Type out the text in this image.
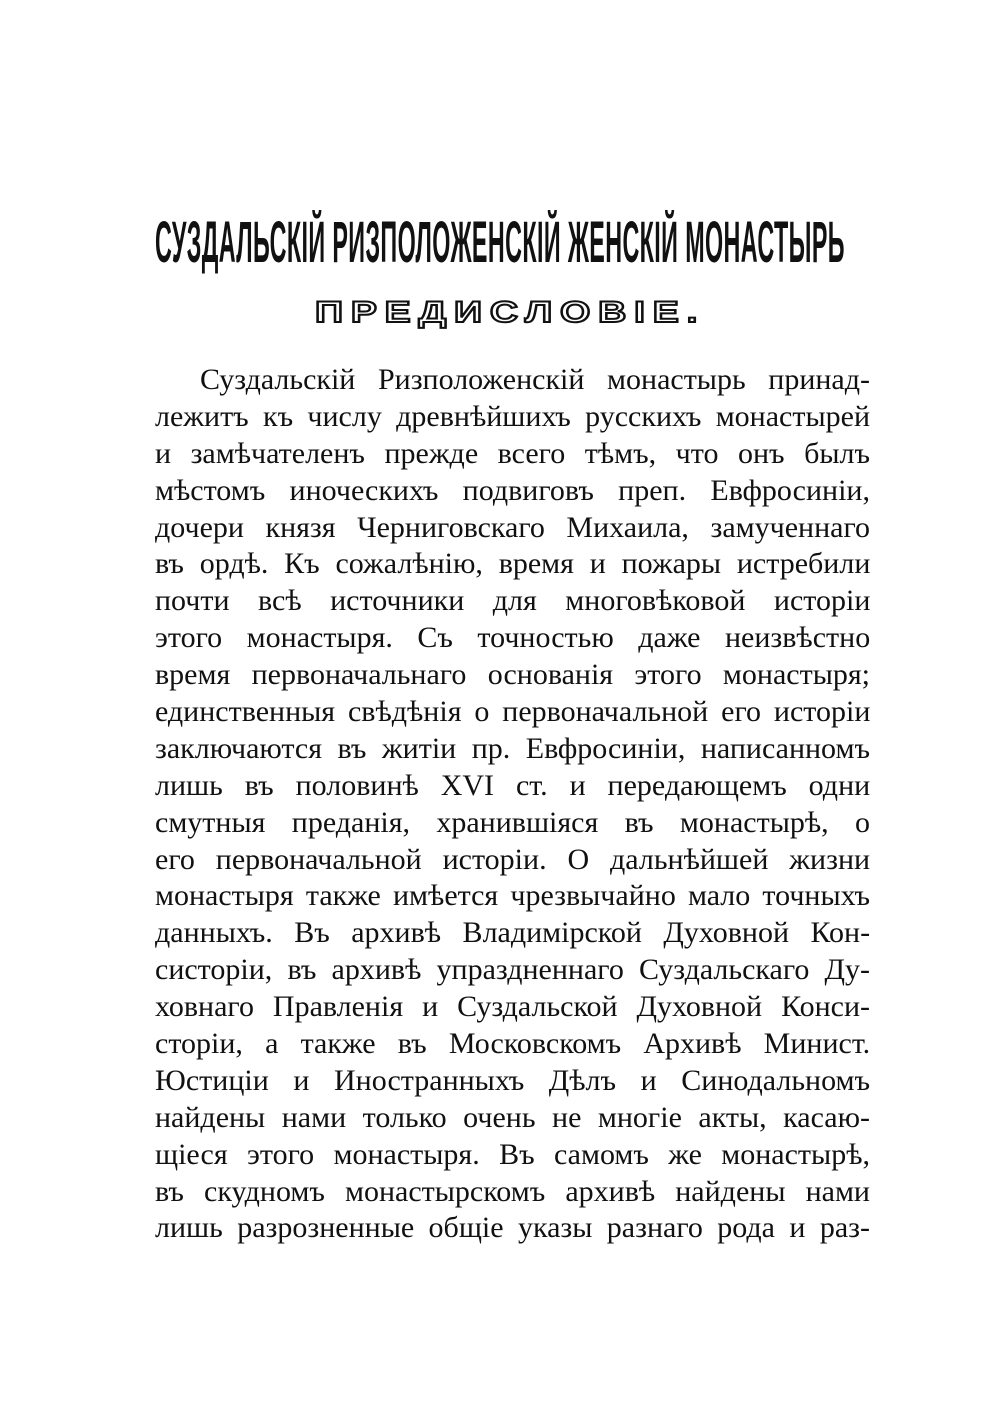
СУЗДАЛЬСКIЙ РИЗПОЛОЖЕНСКIЙ ЖЕНСКIЙ МОНАСТЫРЬ
ПРЕДИСЛОВIЕ.
Суздальскiй Ризположенскiй монастырь принад-
лежитъ къ числу древнѣйшихъ русскихъ монастырей
и замѣчателенъ прежде всего тѣмъ, что онъ былъ
мѣстомъ иноческихъ подвиговъ преп. Евфросинiи,
дочери князя Черниговскаго Михаила, замученнаго
въ ордѣ. Къ сожалѣнiю, время и пожары истребили
почти всѣ источники для многовѣковой исторiи
этого монастыря. Съ точностью даже неизвѣстно
время первоначальнаго основанiя этого монастыря;
единственныя свѣдѣнiя о первоначальной его исторiи
заключаются въ житiи пр. Евфросинiи, написанномъ
лишь въ половинѣ XVI ст. и передающемъ одни
смутныя преданiя, хранившiяся въ монастырѣ, о
его первоначальной исторiи. О дальнѣйшей жизни
монастыря также имѣется чрезвычайно мало точныхъ
данныхъ. Въ архивѣ Владимiрской Духовной Кон-
систорiи, въ архивѣ упраздненнаго Суздальскаго Ду-
ховнаго Правленiя и Суздальской Духовной Конси-
сторiи, а также въ Московскомъ Архивѣ Минист.
Юстицiи и Иностранныхъ Дѣлъ и Синодальномъ
найдены нами только очень не многiе акты, касаю-
щiеся этого монастыря. Въ самомъ же монастырѣ,
въ скудномъ монастырскомъ архивѣ найдены нами
лишь разрозненные общiе указы разнаго рода и раз-
